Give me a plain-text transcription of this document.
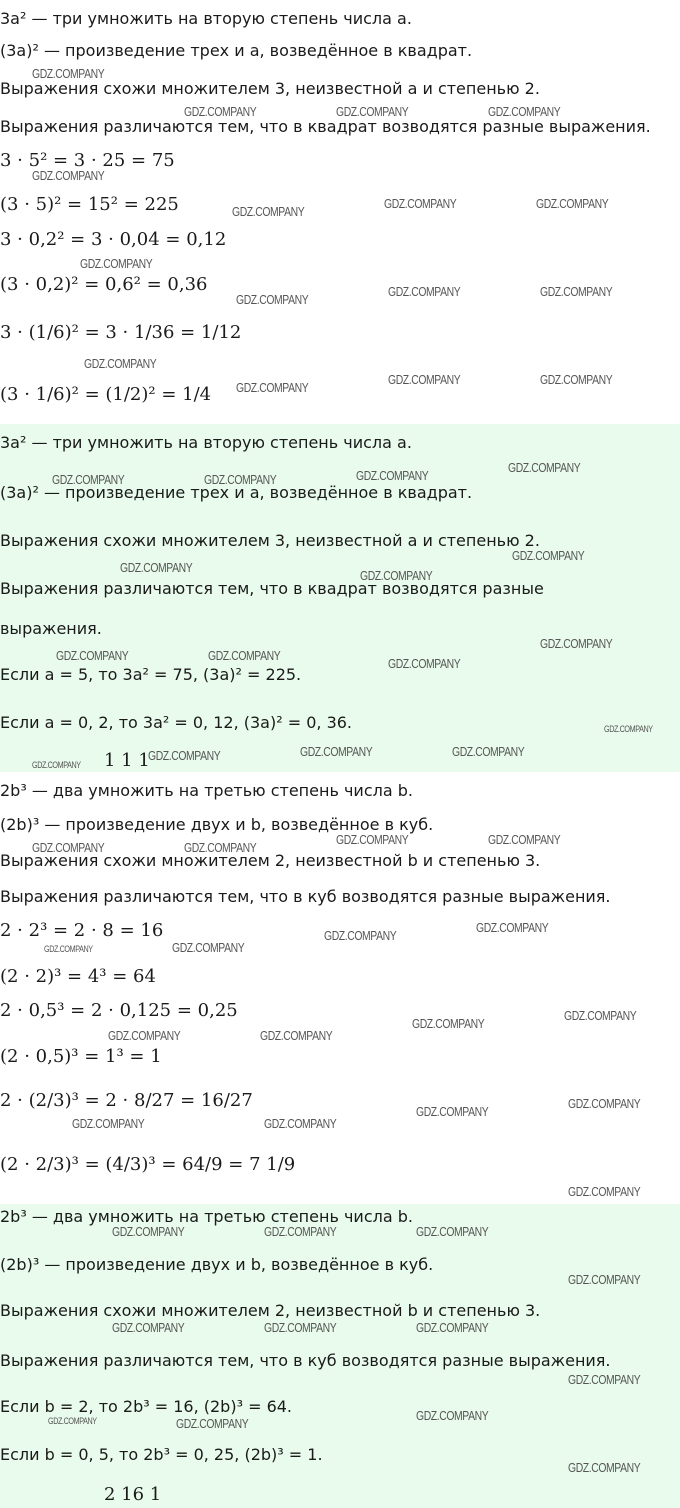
3a² — три умножить на вторую степень числа a.
(3a)² — произведение трех и a, возведённое в квадрат.
Выражения схожи множителем 3, неизвестной a и степенью 2.
Выражения различаются тем, что в квадрат возводятся разные выражения.
3 · 5² = 3 · 25 = 75
(3 · 5)² = 15² = 225
3 · 0,2² = 3 · 0,04 = 0,12
(3 · 0,2)² = 0,6² = 0,36
3 · (1/6)² = 3 · 1/36 = 1/12
(3 · 1/6)² = (1/2)² = 1/4
3a² — три умножить на вторую степень числа a.
(3a)² — произведение трех и a, возведённое в квадрат.
Выражения схожи множителем 3, неизвестной a и степенью 2.
Выражения различаются тем, что в квадрат возводятся разные
выражения.
Если a = 5, то 3a² = 75, (3a)² = 225.
Если a = 0, 2, то 3a² = 0, 12, (3a)² = 0, 36.
1 1 1
2b³ — два умножить на третью степень числа b.
(2b)³ — произведение двух и b, возведённое в куб.
Выражения схожи множителем 2, неизвестной b и степенью 3.
Выражения различаются тем, что в куб возводятся разные выражения.
2 · 2³ = 2 · 8 = 16
(2 · 2)³ = 4³ = 64
2 · 0,5³ = 2 · 0,125 = 0,25
(2 · 0,5)³ = 1³ = 1
2 · (2/3)³ = 2 · 8/27 = 16/27
(2 · 2/3)³ = (4/3)³ = 64/9 = 7 1/9
2b³ — два умножить на третью степень числа b.
(2b)³ — произведение двух и b, возведённое в куб.
Выражения схожи множителем 2, неизвестной b и степенью 3.
Выражения различаются тем, что в куб возводятся разные выражения.
Если b = 2, то 2b³ = 16, (2b)³ = 64.
Если b = 0, 5, то 2b³ = 0, 25, (2b)³ = 1.
2 16 1
GDZ.COMPANY
GDZ.COMPANY	GDZ.COMPANY	GDZ.COMPANY
GDZ.COMPANY
GDZ.COMPANY
GDZ.COMPANY	GDZ.COMPANY
GDZ.COMPANY
GDZ.COMPANY
GDZ.COMPANY	GDZ.COMPANY
GDZ.COMPANY
GDZ.COMPANY
GDZ.COMPANY	GDZ.COMPANY
GDZ.COMPANY	GDZ.COMPANY	GDZ.COMPANY
GDZ.COMPANY
GDZ.COMPANY
GDZ.COMPANY
GDZ.COMPANY
GDZ.COMPANY
GDZ.COMPANY	GDZ.COMPANY
GDZ.COMPANY
GDZ.COMPANY
GDZ.COMPANY
GDZ.COMPANY	GDZ.COMPANY	GDZ.COMPANY
GDZ.COMPANY	GDZ.COMPANY
GDZ.COMPANY	GDZ.COMPANY
GDZ.COMPANY
GDZ.COMPANY
GDZ.COMPANY
GDZ.COMPANY
GDZ.COMPANY
GDZ.COMPANY
GDZ.COMPANY	GDZ.COMPANY
GDZ.COMPANY
GDZ.COMPANY
GDZ.COMPANY	GDZ.COMPANY
GDZ.COMPANY
GDZ.COMPANY	GDZ.COMPANY	GDZ.COMPANY
GDZ.COMPANY
GDZ.COMPANY	GDZ.COMPANY	GDZ.COMPANY
GDZ.COMPANY
GDZ.COMPANY	GDZ.COMPANY
GDZ.COMPANY
GDZ.COMPANY
